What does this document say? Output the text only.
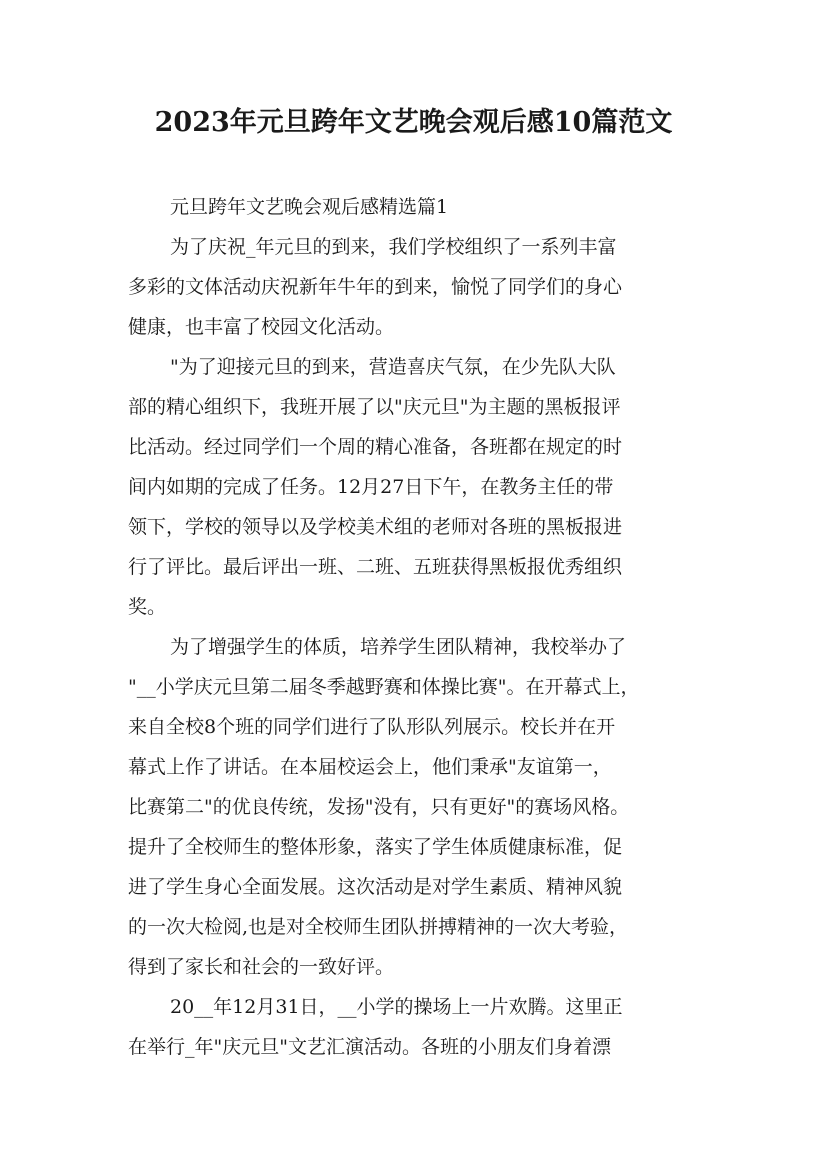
2023年元旦跨年文艺晚会观后感10篇范文

元旦跨年文艺晚会观后感精选篇1

为了庆祝_年元旦的到来，我们学校组织了一系列丰富

多彩的文体活动庆祝新年牛年的到来，愉悦了同学们的身心

健康，也丰富了校园文化活动。

"为了迎接元旦的到来，营造喜庆气氛，在少先队大队

部的精心组织下，我班开展了以"庆元旦"为主题的黑板报评

比活动。经过同学们一个周的精心准备，各班都在规定的时

间内如期的完成了任务。12月27日下午，在教务主任的带

领下，学校的领导以及学校美术组的老师对各班的黑板报进

行了评比。最后评出一班、二班、五班获得黑板报优秀组织

奖。

为了增强学生的体质，培养学生团队精神，我校举办了

"__小学庆元旦第二届冬季越野赛和体操比赛"。在开幕式上，

来自全校8个班的同学们进行了队形队列展示。校长并在开

幕式上作了讲话。在本届校运会上，他们秉承"友谊第一，

比赛第二"的优良传统，发扬"没有，只有更好"的赛场风格。

提升了全校师生的整体形象，落实了学生体质健康标准，促

进了学生身心全面发展。这次活动是对学生素质、精神风貌

的一次大检阅,也是对全校师生团队拼搏精神的一次大考验，

得到了家长和社会的一致好评。

20__年12月31日，__小学的操场上一片欢腾。这里正

在举行_年"庆元旦"文艺汇演活动。各班的小朋友们身着漂
